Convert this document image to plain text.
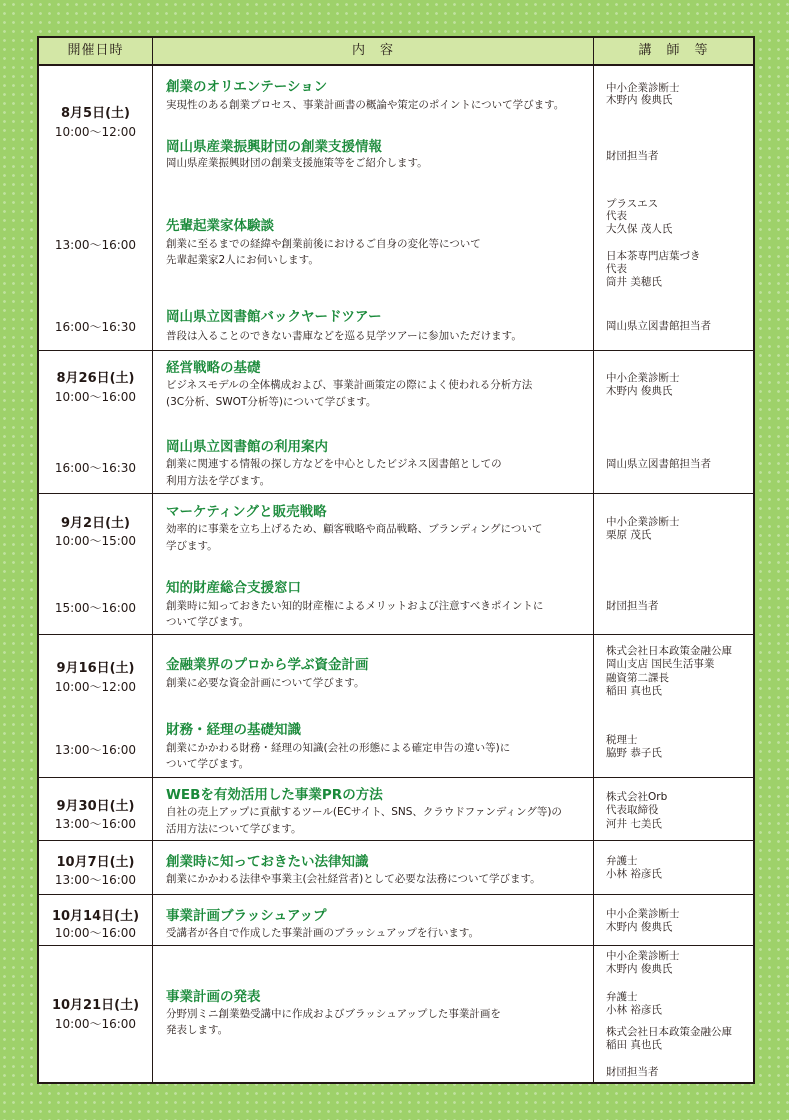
開催日時	内　容	講　師　等
8月5日(土)
10:00〜12:00
創業のオリエンテーション
実現性のある創業プロセス、事業計画書の概論や策定のポイントについて学びます。
中小企業診断士
木野内 俊典氏
岡山県産業振興財団の創業支援情報
岡山県産業振興財団の創業支援施策等をご紹介します。
財団担当者
13:00〜16:00
先輩起業家体験談
創業に至るまでの経緯や創業前後におけるご自身の変化等について
先輩起業家2人にお伺いします。
プラスエス
代表
大久保 茂人氏
日本茶専門店葉づき
代表
筒井 美穂氏
16:00〜16:30
岡山県立図書館バックヤードツアー
普段は入ることのできない書庫などを巡る見学ツアーに参加いただけます。
岡山県立図書館担当者
8月26日(土)
10:00〜16:00
経営戦略の基礎
ビジネスモデルの全体構成および、事業計画策定の際によく使われる分析方法
(3C分析、SWOT分析等)について学びます。
中小企業診断士
木野内 俊典氏
16:00〜16:30
岡山県立図書館の利用案内
創業に関連する情報の探し方などを中心としたビジネス図書館としての
利用方法を学びます。
岡山県立図書館担当者
9月2日(土)
10:00〜15:00
マーケティングと販売戦略
効率的に事業を立ち上げるため、顧客戦略や商品戦略、ブランディングについて
学びます。
中小企業診断士
栗原 茂氏
15:00〜16:00
知的財産総合支援窓口
創業時に知っておきたい知的財産権によるメリットおよび注意すべきポイントに
ついて学びます。
財団担当者
9月16日(土)
10:00〜12:00
金融業界のプロから学ぶ資金計画
創業に必要な資金計画について学びます。
株式会社日本政策金融公庫
岡山支店 国民生活事業
融資第二課長
稲田 真也氏
13:00〜16:00
財務・経理の基礎知識
創業にかかわる財務・経理の知識(会社の形態による確定申告の違い等)に
ついて学びます。
税理士
脇野 恭子氏
9月30日(土)
13:00〜16:00
WEBを有効活用した事業PRの方法
自社の売上アップに貢献するツール(ECサイト、SNS、クラウドファンディング等)の
活用方法について学びます。
株式会社Orb
代表取締役
河井 七美氏
10月7日(土)
13:00〜16:00
創業時に知っておきたい法律知識
創業にかかわる法律や事業主(会社経営者)として必要な法務について学びます。
弁護士
小林 裕彦氏
10月14日(土)
10:00〜16:00
事業計画ブラッシュアップ
受講者が各自で作成した事業計画のブラッシュアップを行います。
中小企業診断士
木野内 俊典氏
10月21日(土)
10:00〜16:00
事業計画の発表
分野別ミニ創業塾受講中に作成およびブラッシュアップした事業計画を
発表します。
中小企業診断士
木野内 俊典氏
弁護士
小林 裕彦氏
株式会社日本政策金融公庫
稲田 真也氏
財団担当者
